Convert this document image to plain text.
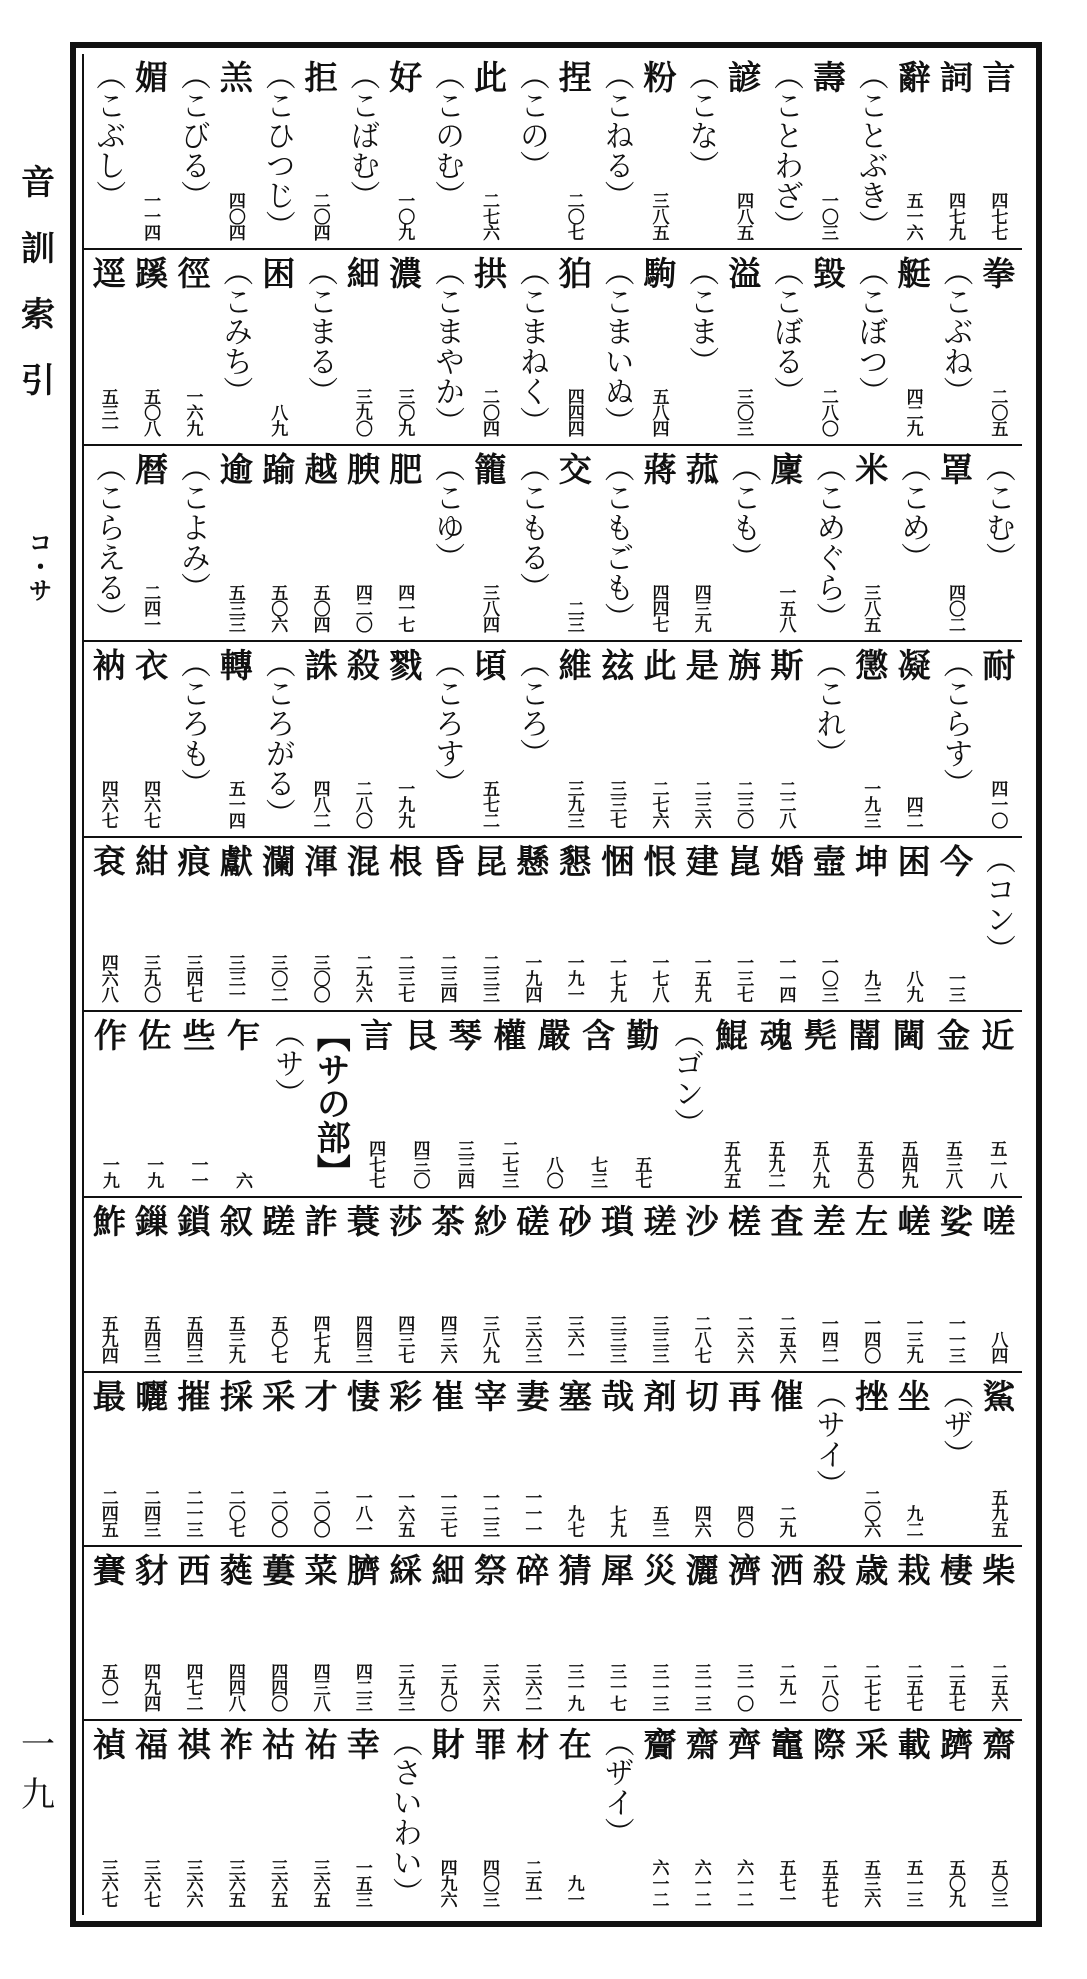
音
訓
索
引
コ・サ
一
九
言
四七七
詞
四七九
辭
五一六
（ことぶき）
壽
一〇三
（ことわざ）
諺
四八五
（こな）
粉
三八五
（こねる）
捏
二〇七
（この）
此
二七六
（このむ）
好
一〇九
（こばむ）
拒
二〇四
（こひつじ）
羔
四〇四
（こびる）
媚
一一四
（こぶし）
拳
二〇五
（こぶね）
艇
四二九
（こぼつ）
毀
二八〇
（こぼる）
溢
三〇三
（こま）
駒
五八四
（こまいぬ）
狛
四四四
（こまねく）
拱
二〇四
（こまやか）
濃
三〇九
細
三九〇
（こまる）
困
八九
（こみち）
徑
一六九
蹊
五〇八
逕
五三一
（こむ）
罩
四〇二
（こめ）
米
三八五
（こめぐら）
廩
一五八
（こも）
菰
四三九
蔣
四四七
（こもごも）
交
二三
（こもる）
籠
三八四
（こゆ）
肥
四一七
腴
四二〇
越
五〇四
踰
五〇六
逾
五三三
（こよみ）
暦
二四一
（こらえる）
耐
四一〇
（こらす）
凝
四二
懲
一九三
（これ）
斯
二二八
旃
二三〇
是
二三六
此
二七六
玆
三三七
維
三九三
（ころ）
頃
五七二
（ころす）
戮
一九九
殺
二八〇
誅
四八二
（ころがる）
轉
五一四
（ころも）
衣
四六七
衲
四六七
（コン）
今
一三
困
八九
坤
九三
壼
一〇三
婚
一一四
崑
一三七
建
一五九
恨
一七八
悃
一七九
懇
一九一
懸
一九四
昆
二三三
昏
二三四
根
二三七
混
二九六
渾
三〇〇
瀾
三〇二
獻
三三一
痕
三四七
紺
三九〇
袞
四六八
近
五一八
金
五三八
閫
五四九
闇
五五〇
髡
五八九
魂
五九二
鯤
五九五
（ゴン）
勤
五七
含
七三
嚴
八〇
權
二七三
琴
三三四
艮
四三〇
言
四七七
【サの部】
（サ）
乍
六
些
一一
佐
一九
作
一九
嗟
八四
娑
一一三
嵯
一三九
左
一四〇
差
一四二
査
二五六
槎
二六六
沙
二八七
瑳
三三三
瑣
三三三
砂
三六一
磋
三六三
紗
三八九
茶
四三六
莎
四三七
蓑
四四三
詐
四七九
蹉
五〇七
叙
五三九
鎖
五四三
鏁
五四三
鮓
五九四
鯊
五九五
（ザ）
坐
九二
挫
二〇六
（サイ）
催
二九
再
四〇
切
四六
剤
五三
哉
七九
塞
九七
妻
一一一
宰
一二三
崔
一三七
彩
一六五
悽
一八一
才
二〇〇
采
二〇〇
採
二〇七
摧
二一三
曬
二四三
最
二四五
柴
二五六
棲
二五七
栽
二五七
歳
二七七
殺
二八〇
洒
二九一
濟
三一〇
灑
三一三
災
三一三
犀
三一七
猜
三一九
碎
三六二
祭
三六六
細
三九〇
綵
三九三
臍
四二三
菜
四三八
蔞
四四〇
蕤
四四八
西
四七二
豺
四九四
賽
五〇一
齋
五〇三
躋
五〇九
載
五一三
采
五三六
際
五五七
竈
五七一
齊
六一二
齋
六一二
齎
六一二
（ザイ）
在
九一
材
二五一
罪
四〇三
財
四九六
（さいわい）
幸
一五三
祐
三六五
祜
三六五
祚
三六五
祺
三六六
福
三六七
禎
三六七
